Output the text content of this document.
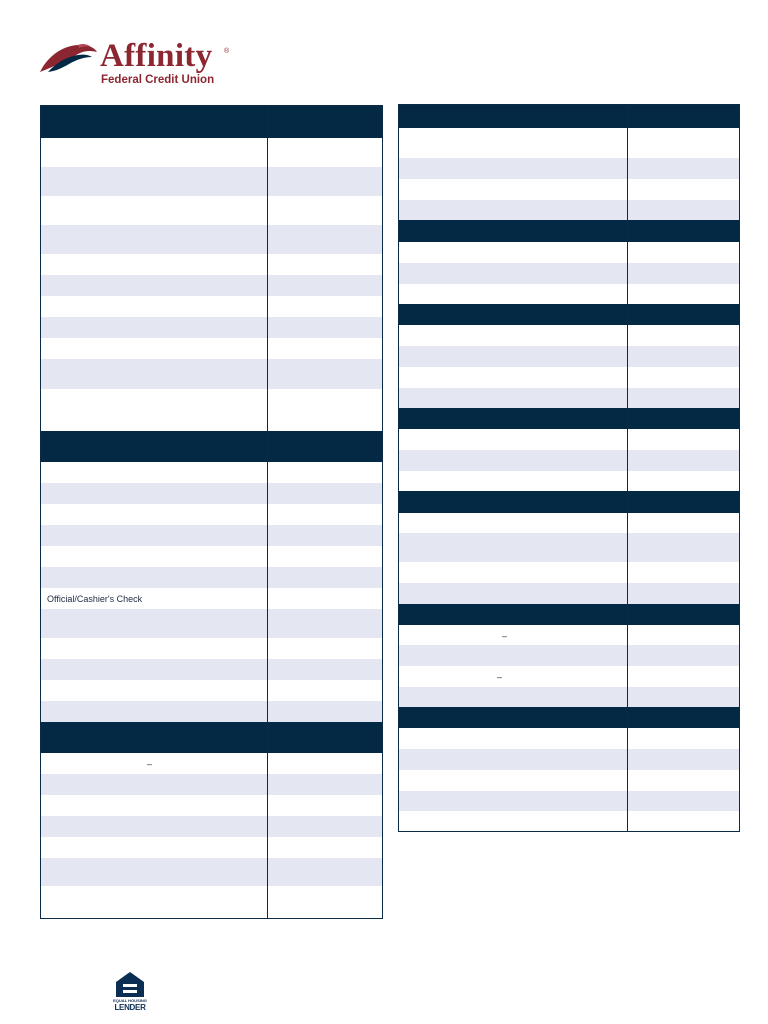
Affinity ®
Federal Credit Union
Official/Cashier's Check
–
–
–
EQUAL HOUSING
LENDER
